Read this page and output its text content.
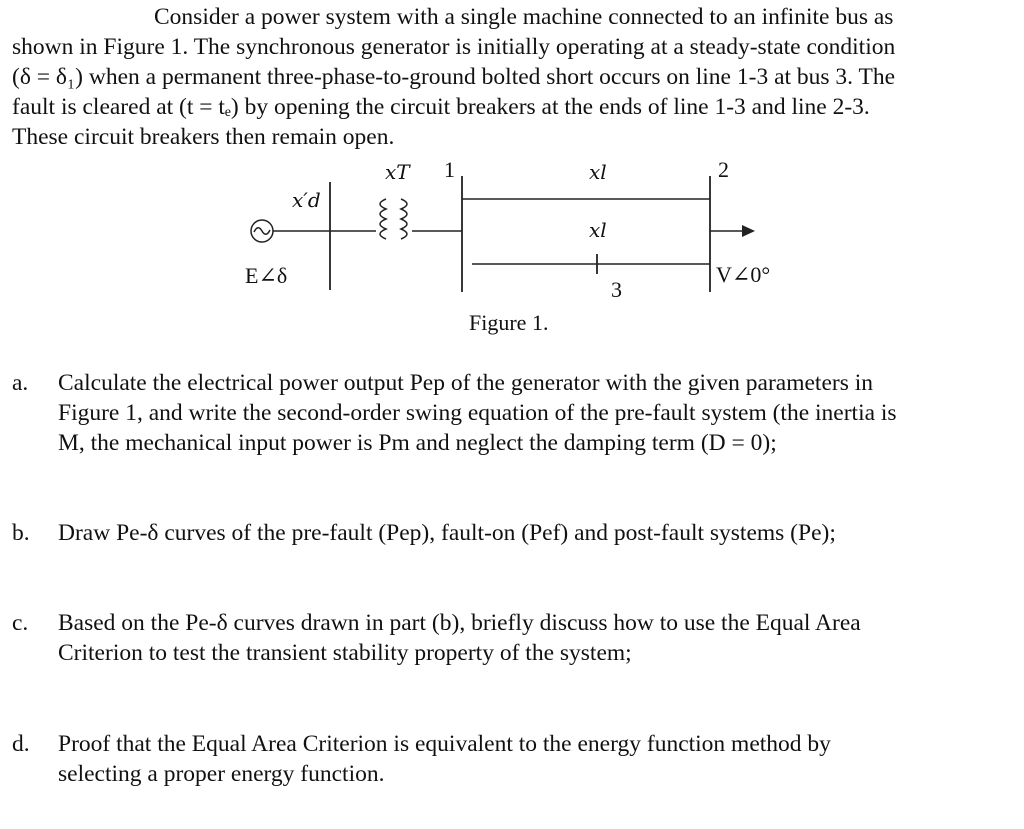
Consider a power system with a single machine connected to an infinite bus as
shown in Figure 1. The synchronous generator is initially operating at a steady-state condition
(δ = δ₁) when a permanent three-phase-to-ground bolted short occurs on line 1-3 at bus 3. The
fault is cleared at (t = tₑ) by opening the circuit breakers at the ends of line 1-3 and line 2-3.
These circuit breakers then remain open.
x′d
xT 1	xl	2
xl
E∠δ
3
V∠0°
Figure 1.
a. Calculate the electrical power output Pep of the generator with the given parameters in
Figure 1, and write the second-order swing equation of the pre-fault system (the inertia is
M, the mechanical input power is Pm and neglect the damping term (D = 0);
b. Draw Pe-δ curves of the pre-fault (Pep), fault-on (Pef) and post-fault systems (Pe);
c. Based on the Pe-δ curves drawn in part (b), briefly discuss how to use the Equal Area
Criterion to test the transient stability property of the system;
d. Proof that the Equal Area Criterion is equivalent to the energy function method by
selecting a proper energy function.
